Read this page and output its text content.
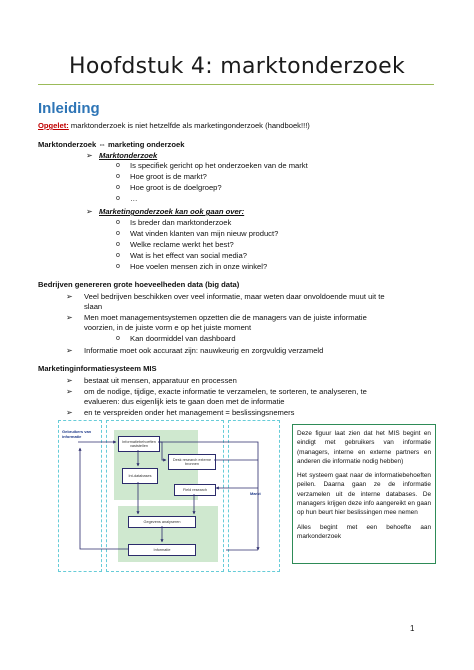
Hoofdstuk 4: marktonderzoek
Inleiding
Opgelet: marktonderzoek is niet hetzelfde als marketingonderzoek (handboek!!!)
Marktonderzoek ⇔ marketing onderzoek
➢ Marktonderzoek
o Is specifiek gericht op het onderzoeken van de markt
o Hoe groot is de markt?
o Hoe groot is de doelgroep?
o …
➢ Marketingonderzoek kan ook gaan over:
o Is breder dan marktonderzoek
o Wat vinden klanten van mijn nieuw product?
o Welke reclame werkt het best?
o Wat is het effect van social media?
o Hoe voelen mensen zich in onze winkel?
Bedrijven genereren grote hoeveelheden data (big data)
➢ Veel bedrijven beschikken over veel informatie, maar weten daar onvoldoende muut uit te
slaan
➢ Men moet managementsystemen opzetten die de managers van de juiste informatie
voorzien, in de juiste vorm e op het juiste moment
o Kan doormiddel van dashboard
➢ Informatie moet ook accuraat zijn: nauwkeurig en zorgvuldig verzameld
Marketinginformatiesysteem MIS
➢ bestaat uit mensen, apparatuur en processen
➢ om de nodige, tijdige, exacte informatie te verzamelen, te sorteren, te analyseren, te
evalueren: dus eigenlijk iets te gaan doen met de informatie
➢ en te verspreiden onder het management = beslissingsnemers
Gebruikers van informatie
Markt
Informatiebehoeften vaststellen
Int-databases
Desk research externe bronnen
Field research
Gegevens analyseren
Informatie

Deze figuur laat zien dat het MIS begint en eindigt met gebruikers van informatie (managers, interne en externe partners en anderen die informatie nodig hebben)

Het systeem gaat naar de informatiebehoeften peilen. Daarna gaan ze de informatie verzamelen uit de interne databases. De managers krijgen deze info aangereikt en gaan op hun beurt hier beslissingen mee nemen

Alles begint met een behoefte aan markonderzoek

1
